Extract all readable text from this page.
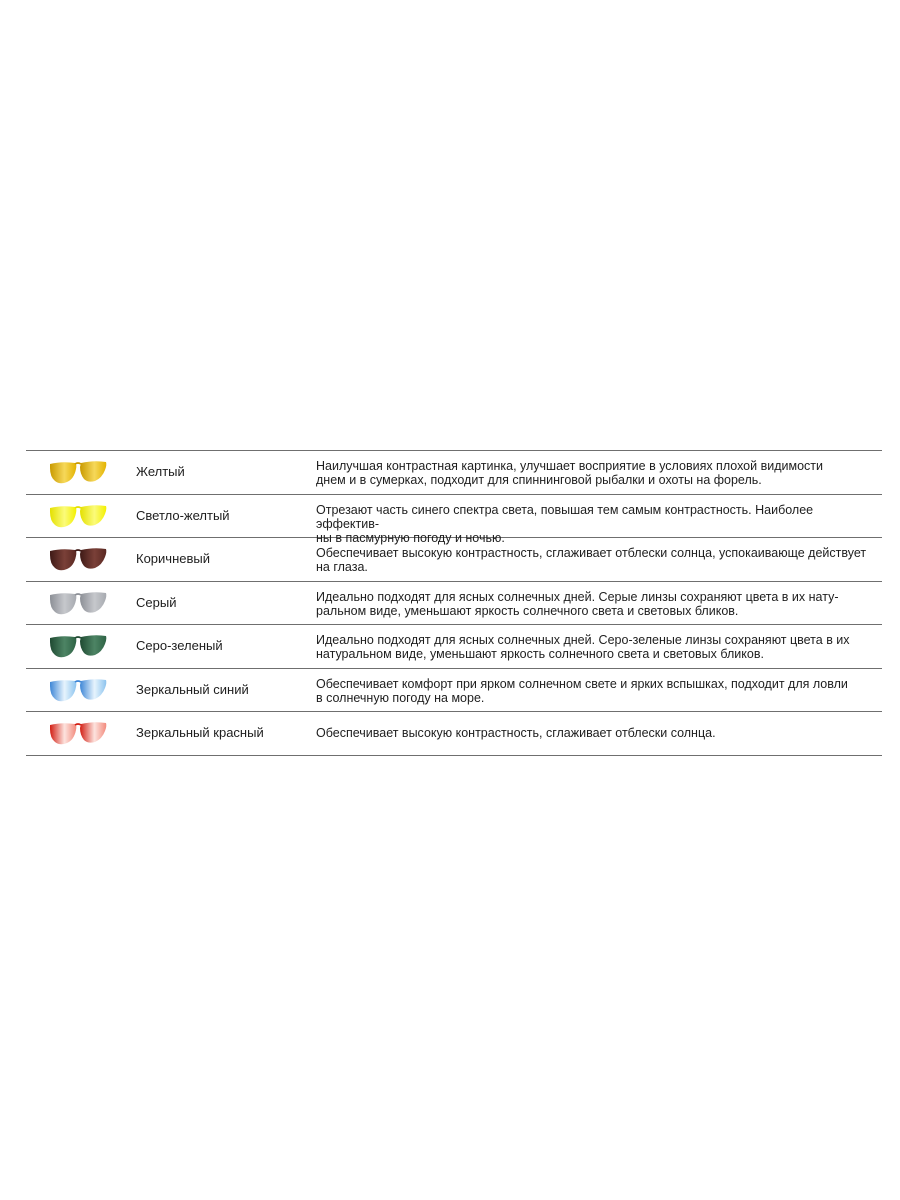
Желтый	Наилучшая контрастная картинка, улучшает восприятие в условиях плохой видимости
днем и в сумерках, подходит для спиннинговой рыбалки и охоты на форель.
Светло-желтый	Отрезают часть синего спектра света, повышая тем самым контрастность. Наиболее эффектив-
ны в пасмурную погоду и ночью.
Коричневый	Обеспечивает высокую контрастность, сглаживает отблески солнца, успокаивающе действует
на глаза.
Серый	Идеально подходят для ясных солнечных дней. Серые линзы сохраняют цвета в их нату-
ральном виде, уменьшают яркость солнечного света и световых бликов.
Серо-зеленый	Идеально подходят для ясных солнечных дней. Серо-зеленые линзы сохраняют цвета в их
натуральном виде, уменьшают яркость солнечного света и световых бликов.
Зеркальный синий	Обеспечивает комфорт при ярком солнечном свете и ярких вспышках, подходит для ловли
в солнечную погоду на море.
Зеркальный красный	Обеспечивает высокую контрастность, сглаживает отблески солнца.
